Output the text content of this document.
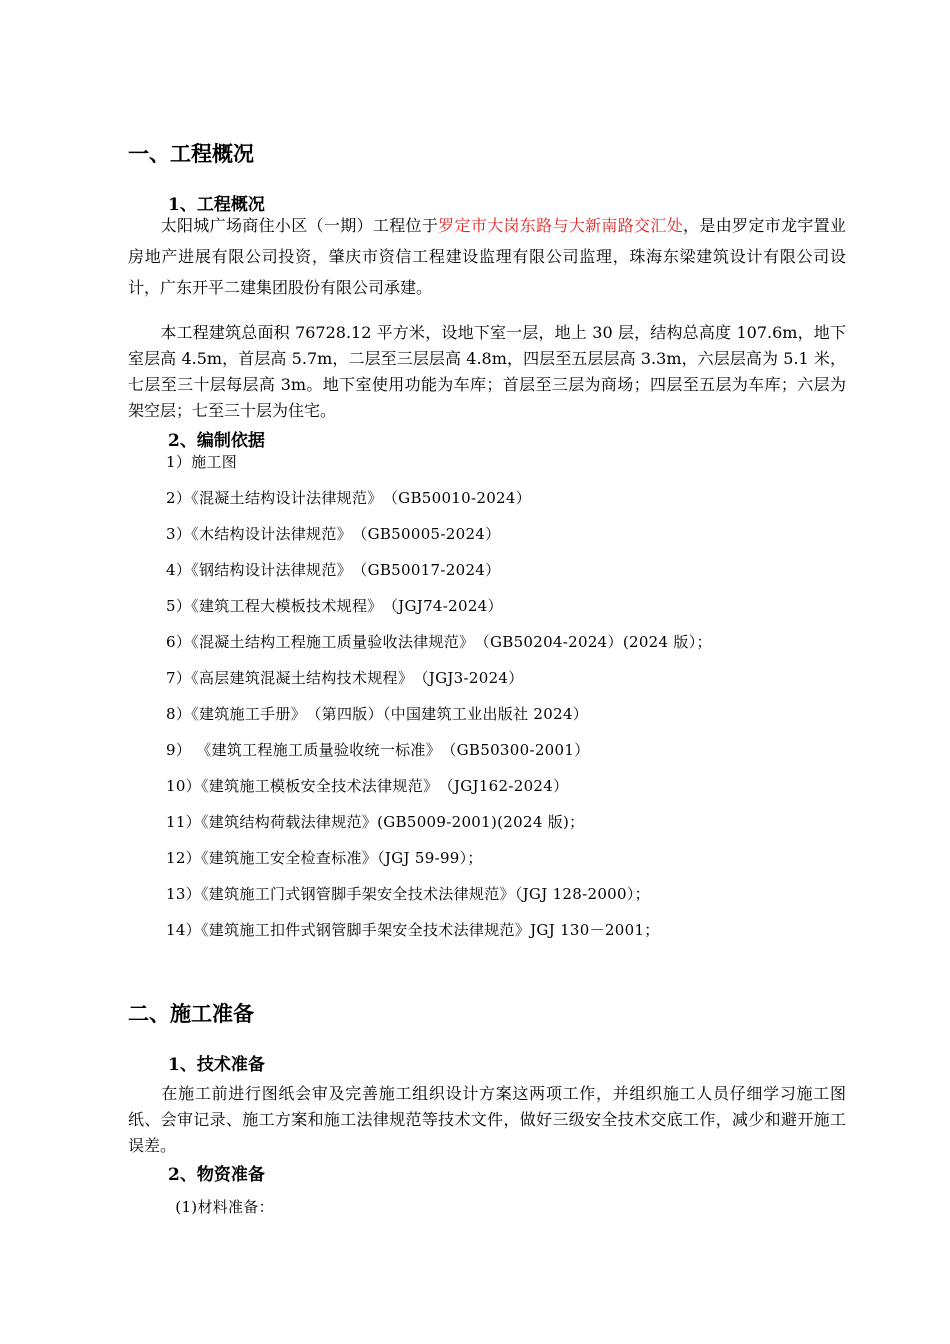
一、工程概况
1、工程概况
　　太阳城广场商住小区（一期）工程位于罗定市大岗东路与大新南路交汇处，是由罗定市龙宇置业房地产进展有限公司投资，肇庆市资信工程建设监理有限公司监理，珠海东梁建筑设计有限公司设计，广东开平二建集团股份有限公司承建。
　　本工程建筑总面积 76728.12 平方米，设地下室一层，地上 30 层，结构总高度 107.6m，地下室层高 4.5m，首层高 5.7m，二层至三层层高 4.8m，四层至五层层高 3.3m，六层层高为 5.1 米，七层至三十层每层高 3m。地下室使用功能为车库；首层至三层为商场；四层至五层为车库；六层为架空层；七至三十层为住宅。
2、编制依据
1）施工图
2）《混凝土结构设计法律规范》　（GB50010-2024）
3）《木结构设计法律规范》　（GB50005-2024）
4）《钢结构设计法律规范》　（GB50017-2024）
5）《建筑工程大模板技术规程》　（JGJ74-2024）
6）《混凝土结构工程施工质量验收法律规范》　（GB50204-2024）(2024 版）；
7）《高层建筑混凝土结构技术规程》　（JGJ3-2024）
8）《建筑施工手册》　（第四版）（中国建筑工业出版社 2024）
9） 《建筑工程施工质量验收统一标准》　（GB50300-2001）
10）《建筑施工模板安全技术法律规范》　（JGJ162-2024）
11）《建筑结构荷载法律规范》(GB5009-2001)(2024 版)；
12）《建筑施工安全检查标准》（JGJ 59-99）；
13）《建筑施工门式钢管脚手架安全技术法律规范》（JGJ 128-2000）；
14）《建筑施工扣件式钢管脚手架安全技术法律规范》JGJ 130－2001；
二、施工准备
1、技术准备
　　在施工前进行图纸会审及完善施工组织设计方案这两项工作，并组织施工人员仔细学习施工图纸、会审记录、施工方案和施工法律规范等技术文件，做好三级安全技术交底工作，减少和避开施工误差。
2、物资准备
　(1)材料准备：
